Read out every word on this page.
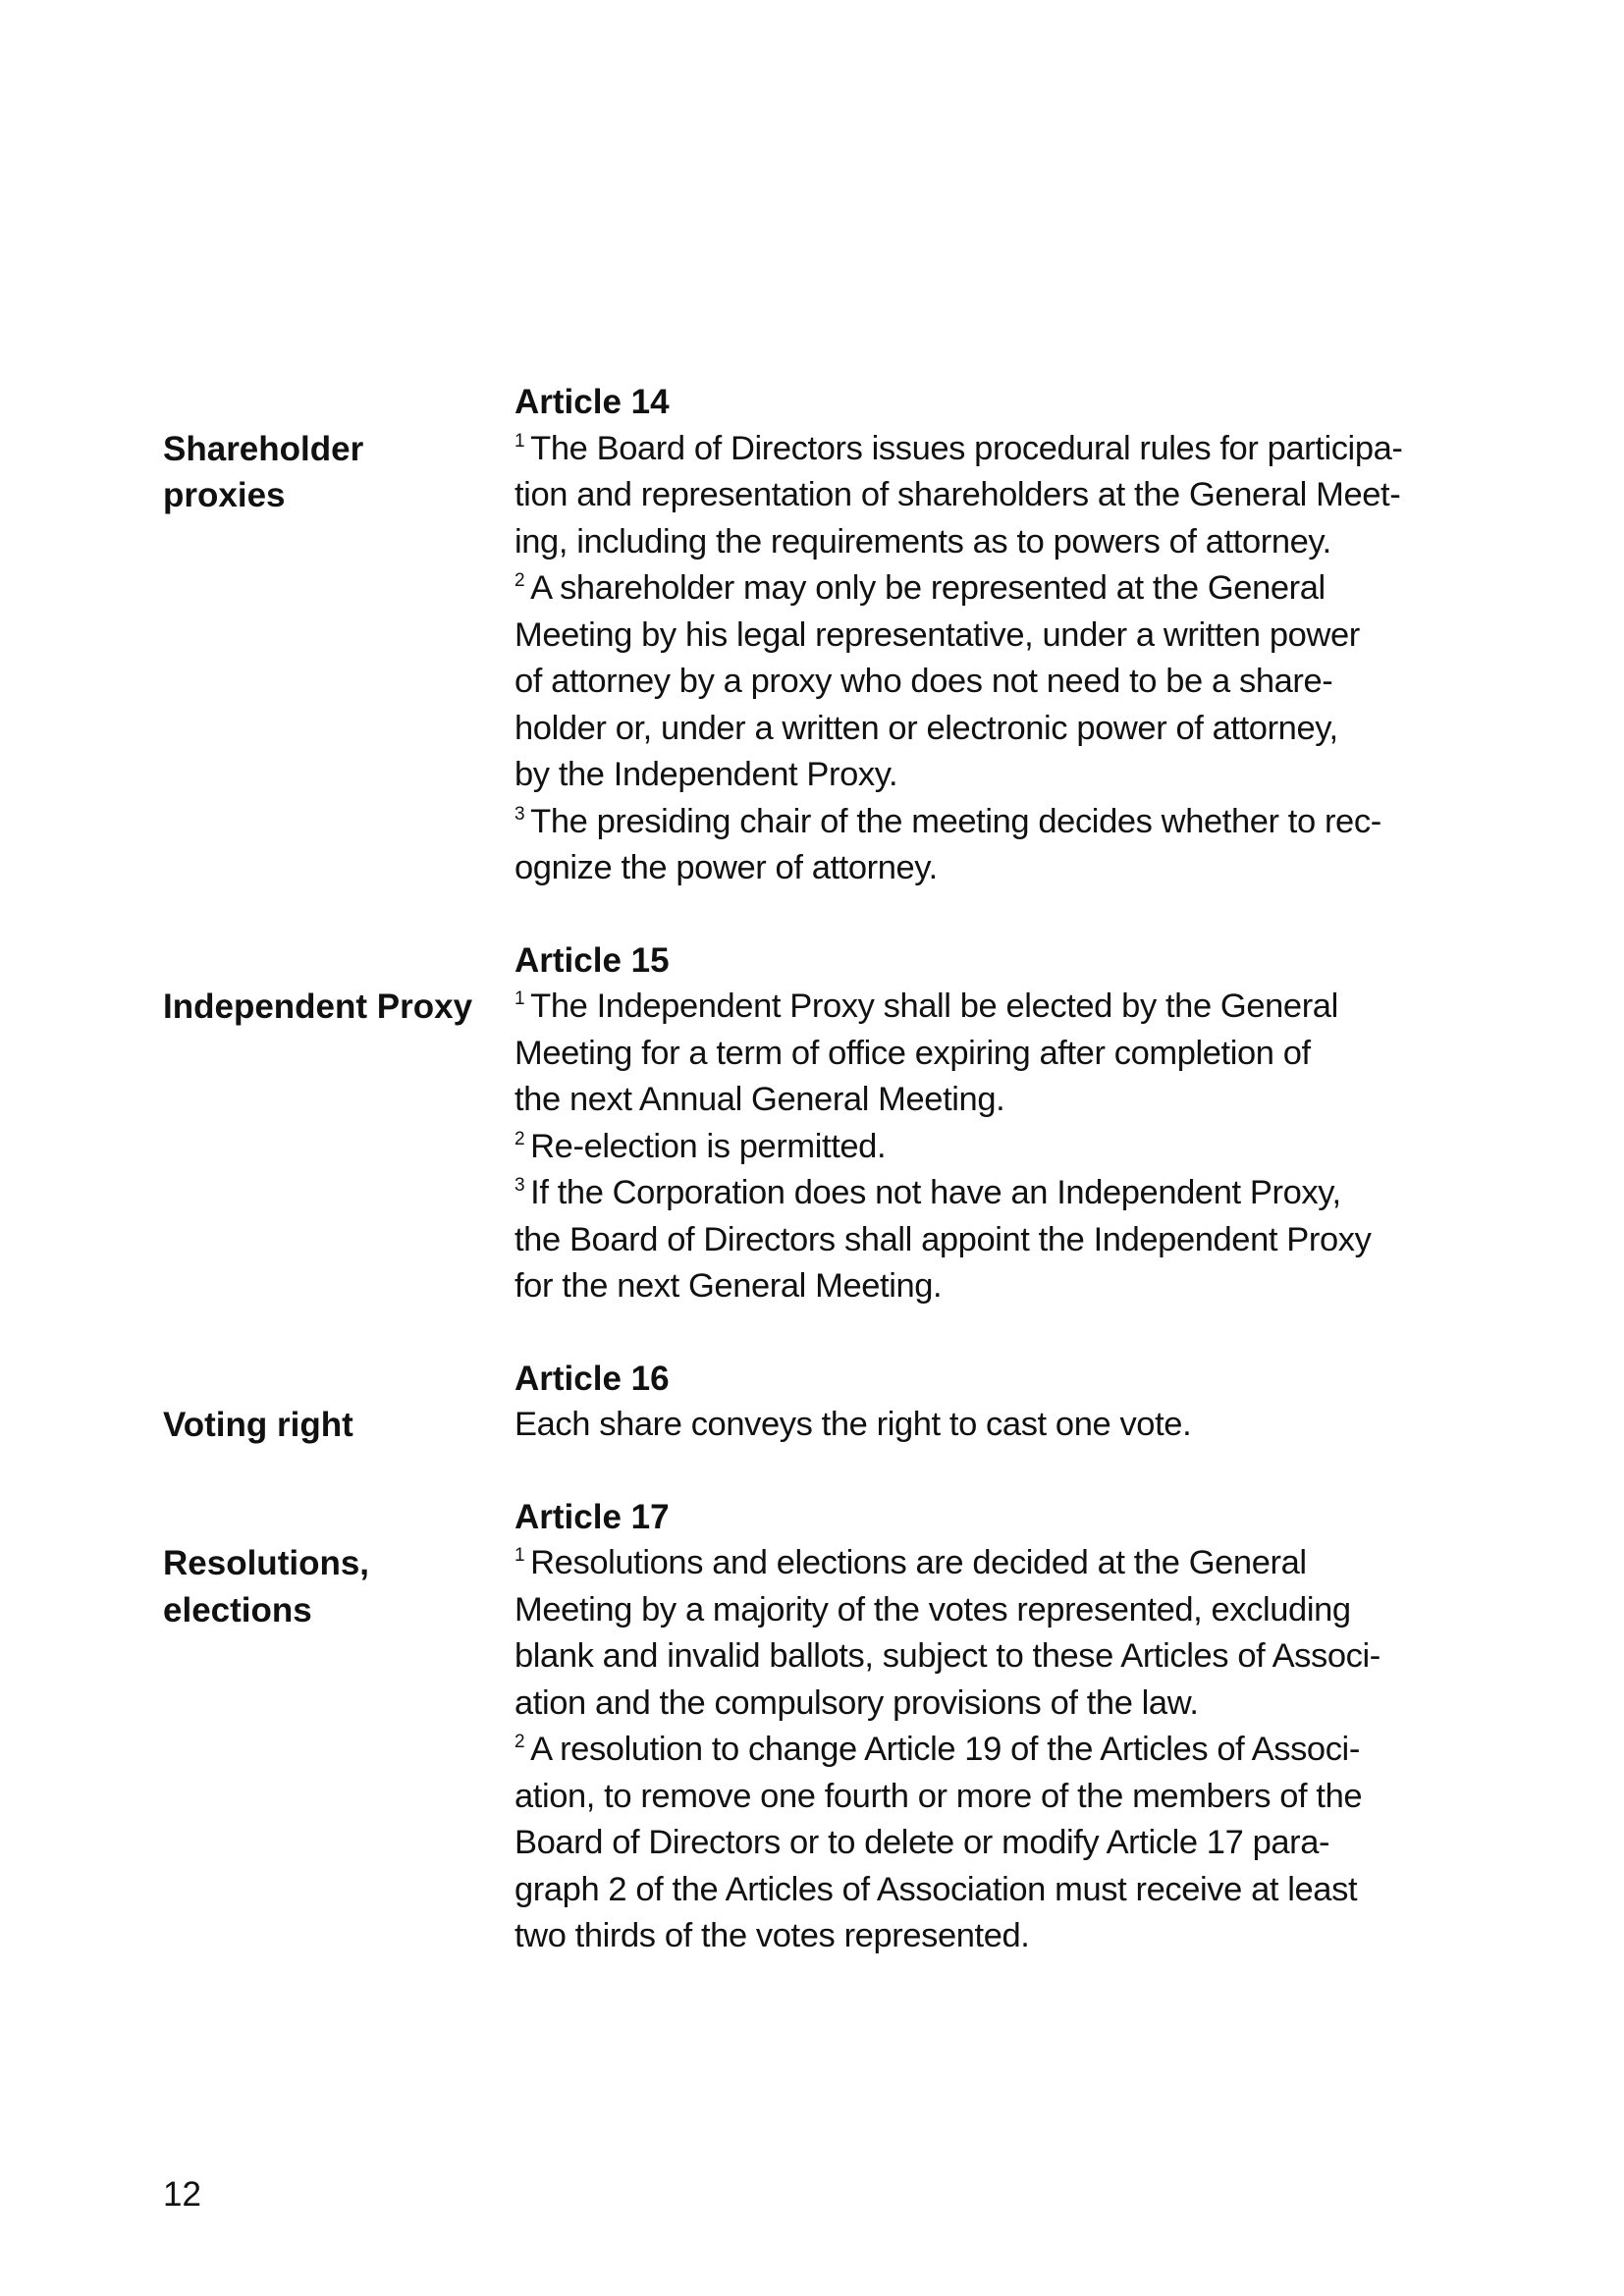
Article 14
Shareholder
proxies
$^1$ The Board of Directors issues procedural rules for participa-
tion and representation of shareholders at the General Meet-
ing, including the requirements as to powers of attorney.
$^2$ A shareholder may only be represented at the General
Meeting by his legal representative, under a written power
of attorney by a proxy who does not need to be a share-
holder or, under a written or electronic power of attorney,
by the Independent Proxy.
$^3$ The presiding chair of the meeting decides whether to rec-
ognize the power of attorney.
Article 15
Independent Proxy	$^1$ The Independent Proxy shall be elected by the General
Meeting for a term of office expiring after completion of
the next Annual General Meeting.
$^2$ Re-election is permitted.
$^3$ If the Corporation does not have an Independent Proxy,
the Board of Directors shall appoint the Independent Proxy
for the next General Meeting.
Article 16
Voting right	Each share conveys the right to cast one vote.
Article 17
Resolutions,
elections
$^1$ Resolutions and elections are decided at the General
Meeting by a majority of the votes represented, excluding
blank and invalid ballots, subject to these Articles of Associ-
ation and the compulsory provisions of the law.
$^2$ A resolution to change Article 19 of the Articles of Associ-
ation, to remove one fourth or more of the members of the
Board of Directors or to delete or modify Article 17 para-
graph 2 of the Articles of Association must receive at least
two thirds of the votes represented.
12
